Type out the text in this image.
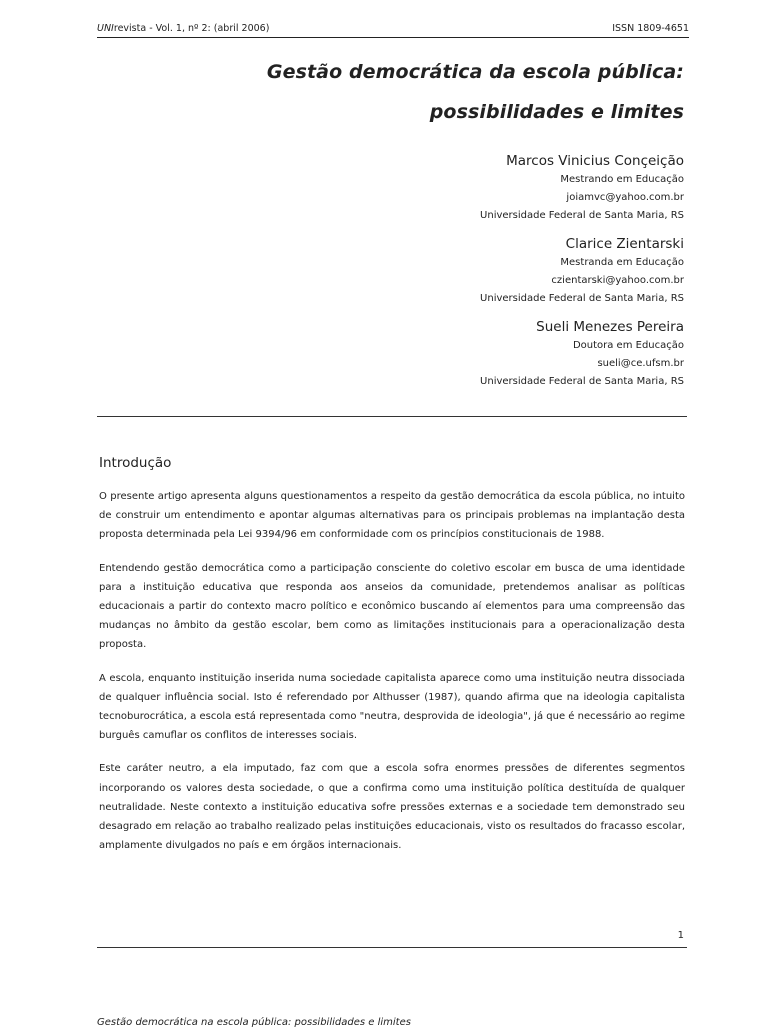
UNIrevista - Vol. 1, nº 2: (abril 2006)	ISSN 1809-4651
Gestão democrática da escola pública:
possibilidades e limites
Marcos Vinicius Conçeição
Mestrando em Educação
joiamvc@yahoo.com.br
Universidade Federal de Santa Maria, RS
Clarice Zientarski
Mestranda em Educação
czientarski@yahoo.com.br
Universidade Federal de Santa Maria, RS
Sueli Menezes Pereira
Doutora em Educação
sueli@ce.ufsm.br
Universidade Federal de Santa Maria, RS
Introdução

O presente artigo apresenta alguns questionamentos a respeito da gestão democrática da escola pública, no intuito de construir um entendimento e apontar algumas alternativas para os principais problemas na implantação desta proposta determinada pela Lei 9394/96 em conformidade com os princípios constitucionais de 1988.

Entendendo gestão democrática como a participação consciente do coletivo escolar em busca de uma identidade para a instituição educativa que responda aos anseios da comunidade, pretendemos analisar as políticas educacionais a partir do contexto macro político e econômico buscando aí elementos para uma compreensão das mudanças no âmbito da gestão escolar, bem como as limitações institucionais para a operacionalização desta proposta.

A escola, enquanto instituição inserida numa sociedade capitalista aparece como uma instituição neutra dissociada de qualquer influência social. Isto é referendado por Althusser (1987), quando afirma que na ideologia capitalista tecnoburocrática, a escola está representada como "neutra, desprovida de ideologia", já que é necessário ao regime burguês camuflar os conflitos de interesses sociais.

Este caráter neutro, a ela imputado, faz com que a escola sofra enormes pressões de diferentes segmentos incorporando os valores desta sociedade, o que a confirma como uma instituição política destituída de qualquer neutralidade. Neste contexto a instituição educativa sofre pressões externas e a sociedade tem demonstrado seu desagrado em relação ao trabalho realizado pelas instituições educacionais, visto os resultados do fracasso escolar, amplamente divulgados no país e em órgãos internacionais.

1
Gestão democrática na escola pública: possibilidades e limites
